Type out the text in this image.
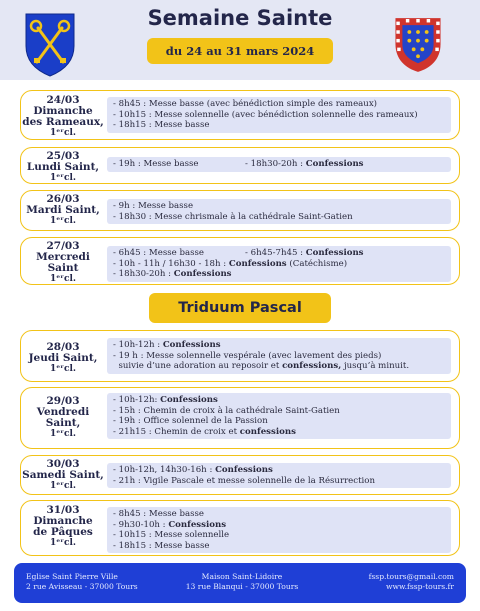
Semaine Sainte
du 24 au 31 mars 2024
24/03
Dimanche
des Rameaux,
1ᵉʳcl.
- 8h45 : Messe basse (avec bénédiction simple des rameaux)
- 10h15 : Messe solennelle (avec bénédiction solennelle des rameaux)
- 18h15 : Messe basse
25/03
Lundi Saint,
1ᵉʳcl.
- 19h : Messe basse	- 18h30-20h : Confessions
26/03
Mardi Saint,
1ᵉʳcl.
- 9h : Messe basse
- 18h30 : Messe chrismale à la cathédrale Saint-Gatien
27/03
Mercredi Saint
1ᵉʳcl.
- 6h45 : Messe basse	- 6h45-7h45 : Confessions
- 10h - 11h / 16h30 - 18h : Confessions (Catéchisme)
- 18h30-20h : Confessions
28/03
Jeudi Saint,
1ᵉʳcl.
- 10h-12h : Confessions
- 19 h : Messe solennelle vespérale (avec lavement des pieds)
suivie d’une adoration au reposoir et confessions, jusqu’à minuit.
29/03
Vendredi
Saint,
1ᵉʳcl.
- 10h-12h: Confessions
- 15h : Chemin de croix à la cathédrale Saint-Gatien
- 19h : Office solennel de la Passion
- 21h15 : Chemin de croix et confessions
30/03
Samedi Saint,
1ᵉʳcl.
- 10h-12h, 14h30-16h : Confessions
- 21h : Vigile Pascale et messe solennelle de la Résurrection
31/03
Dimanche
de Pâques
1ᵉʳcl.
- 8h45 : Messe basse
- 9h30-10h : Confessions
- 10h15 : Messe solennelle
- 18h15 : Messe basse
Triduum Pascal
Eglise Saint Pierre Ville
2 rue Avisseau - 37000 Tours
Maison Saint-Lidoire
13 rue Blanqui - 37000 Tours
fssp.tours@gmail.com
www.fssp-tours.fr
